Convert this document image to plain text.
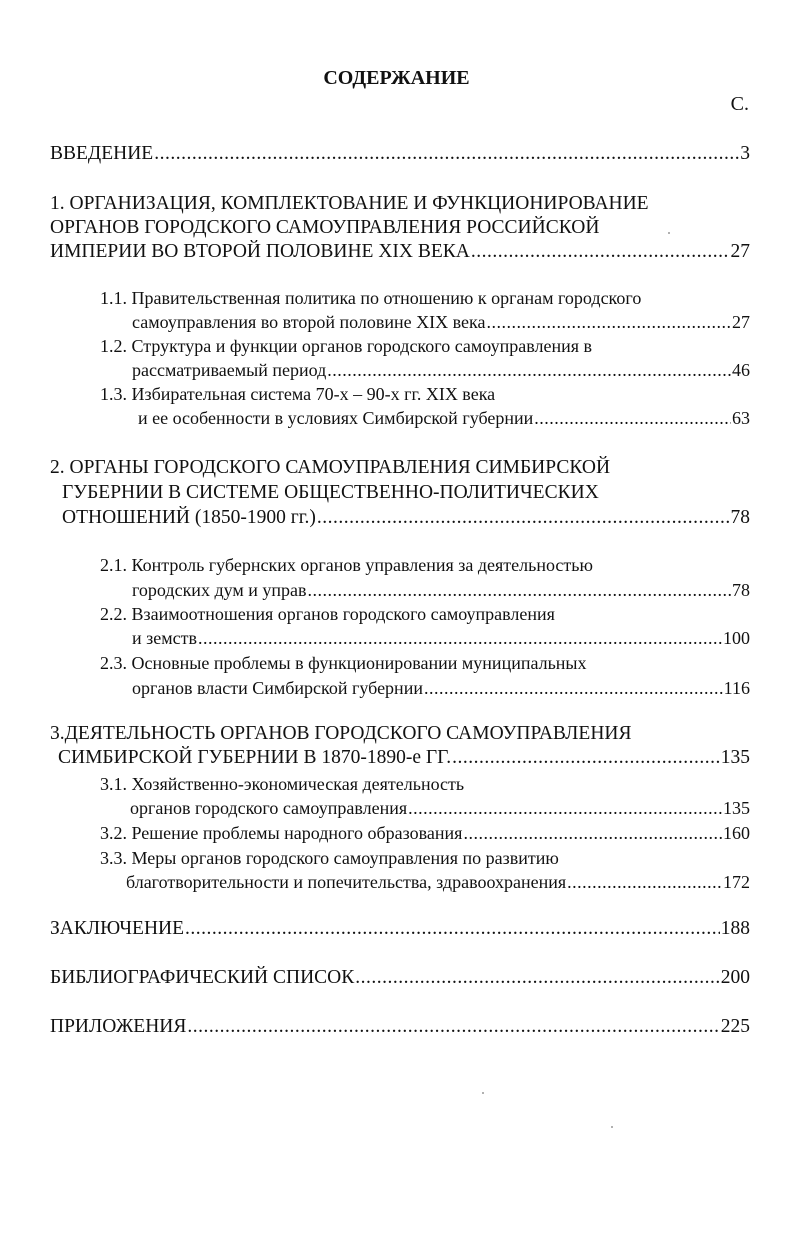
СОДЕРЖАНИЕ
С.
ВВЕДЕНИЕ .....	3
1. ОРГАНИЗАЦИЯ, КОМПЛЕКТОВАНИЕ И ФУНКЦИОНИРОВАНИЕ
ОРГАНОВ ГОРОДСКОГО САМОУПРАВЛЕНИЯ РОССИЙСКОЙ
ИМПЕРИИ ВО ВТОРОЙ ПОЛОВИНЕ XIX ВЕКА .....	27
1.1. Правительственная политика по отношению к органам городского
самоуправления во второй половине XIX века .....	27
1.2. Структура и функции органов городского самоуправления в
рассматриваемый период .....	46
1.3. Избирательная система 70-х – 90-х гг. XIX века
и ее особенности в условиях Симбирской губернии .....	63
2. ОРГАНЫ ГОРОДСКОГО САМОУПРАВЛЕНИЯ СИМБИРСКОЙ
ГУБЕРНИИ В СИСТЕМЕ ОБЩЕСТВЕННО-ПОЛИТИЧЕСКИХ
ОТНОШЕНИЙ (1850-1900 гг.) .....	78
2.1. Контроль губернских органов управления за деятельностью
городских дум и управ .....	78
2.2. Взаимоотношения органов городского самоуправления
и земств .....	100
2.3. Основные проблемы в функционировании муниципальных
органов власти Симбирской губернии .....	116
3.ДЕЯТЕЛЬНОСТЬ ОРГАНОВ ГОРОДСКОГО САМОУПРАВЛЕНИЯ
СИМБИРСКОЙ ГУБЕРНИИ В 1870-1890-е ГГ. .....	135
3.1. Хозяйственно-экономическая деятельность
органов городского самоуправления .....	135
3.2. Решение проблемы народного образования .....	160
3.3. Меры органов городского самоуправления по развитию
благотворительности и попечительства, здравоохранения .....	172
ЗАКЛЮЧЕНИЕ .....	188
БИБЛИОГРАФИЧЕСКИЙ СПИСОК .....	200
ПРИЛОЖЕНИЯ .....	225
